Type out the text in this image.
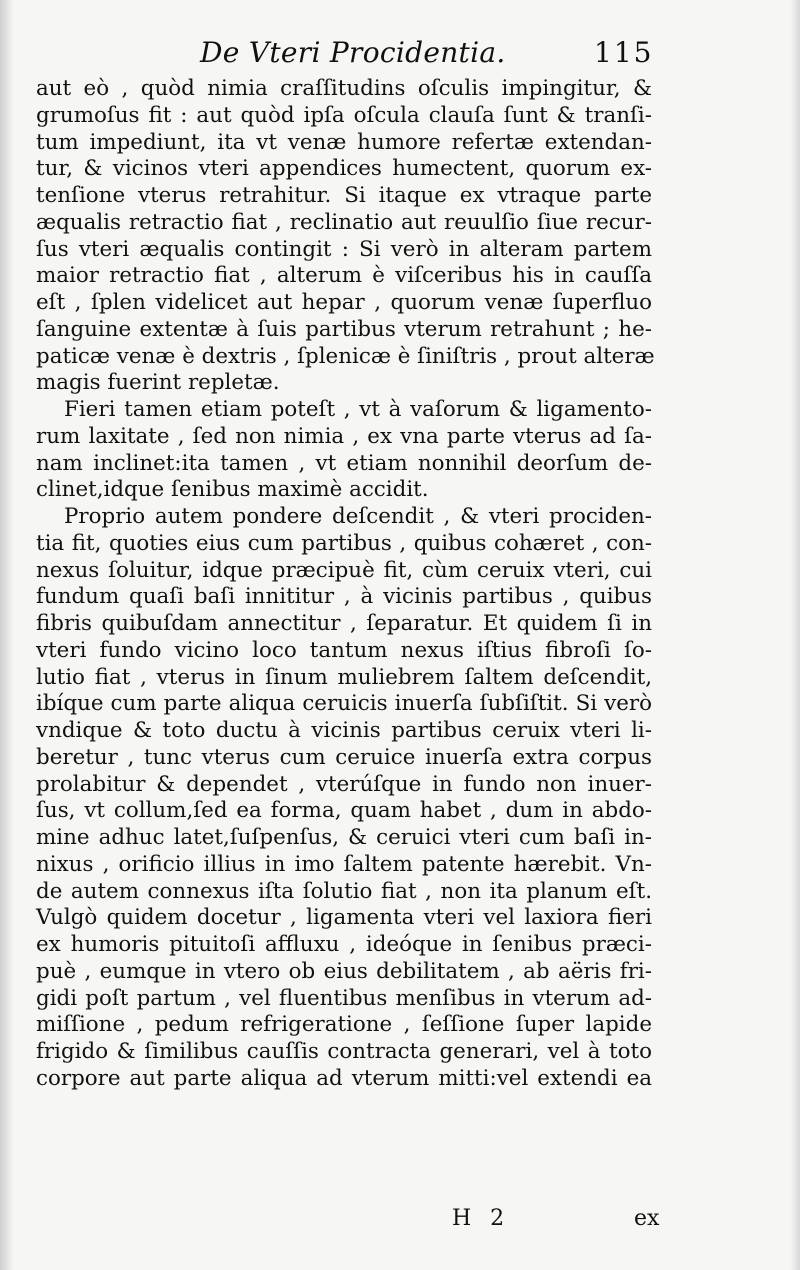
De Vteri Procidentia.	115
aut eò , quòd nimia craſſitudins oſculis impingitur, &
grumoſus fit : aut quòd ipſa oſcula clauſa ſunt & tranſi-
tum impediunt, ita vt venæ humore refertæ extendan-
tur, & vicinos vteri appendices humectent, quorum ex-
tenſione vterus retrahitur. Si itaque ex vtraque parte
æqualis retractio fiat , reclinatio aut reuulſio ſiue recur-
ſus vteri æqualis contingit : Si verò in alteram partem
maior retractio fiat , alterum è viſceribus his in cauſſa
eſt , ſplen videlicet aut hepar , quorum venæ ſuperfluo
ſanguine extentæ à ſuis partibus vterum retrahunt ; he-
paticæ venæ è dextris , ſplenicæ è ſiniſtris , prout alteræ
magis fuerint repletæ.
Fieri tamen etiam poteſt , vt à vaſorum & ligamento-
rum laxitate , ſed non nimia , ex vna parte vterus ad ſa-
nam inclinet:ita tamen , vt etiam nonnihil deorſum de-
clinet,idque ſenibus maximè accidit.
Proprio autem pondere deſcendit , & vteri prociden-
tia fit, quoties eius cum partibus , quibus cohæret , con-
nexus ſoluitur, idque præcipuè fit, cùm ceruix vteri, cui
fundum quaſi baſi innititur , à vicinis partibus , quibus
fibris quibuſdam annectitur , ſeparatur. Et quidem ſi in
vteri fundo vicino loco tantum nexus iſtius fibroſi ſo-
lutio fiat , vterus in ſinum muliebrem ſaltem deſcendit,
ibíque cum parte aliqua ceruicis inuerſa ſubſiſtit. Si verò
vndique & toto ductu à vicinis partibus ceruix vteri li-
beretur , tunc vterus cum ceruice inuerſa extra corpus
prolabitur & dependet , vterúſque in fundo non inuer-
ſus, vt collum,ſed ea forma, quam habet , dum in abdo-
mine adhuc latet,ſuſpenſus, & ceruici vteri cum baſi in-
nixus , orificio illius in imo ſaltem patente hærebit. Vn-
de autem connexus iſta ſolutio fiat , non ita planum eſt.
Vulgò quidem docetur , ligamenta vteri vel laxiora fieri
ex humoris pituitoſi affluxu , ideóque in ſenibus præci-
puè , eumque in vtero ob eius debilitatem , ab aëris fri-
gidi poſt partum , vel fluentibus menſibus in vterum ad-
miſſione , pedum refrigeratione , ſeſſione ſuper lapide
frigido & ſimilibus cauſſis contracta generari, vel à toto
corpore aut parte aliqua ad vterum mitti:vel extendi ea
H 2	ex
